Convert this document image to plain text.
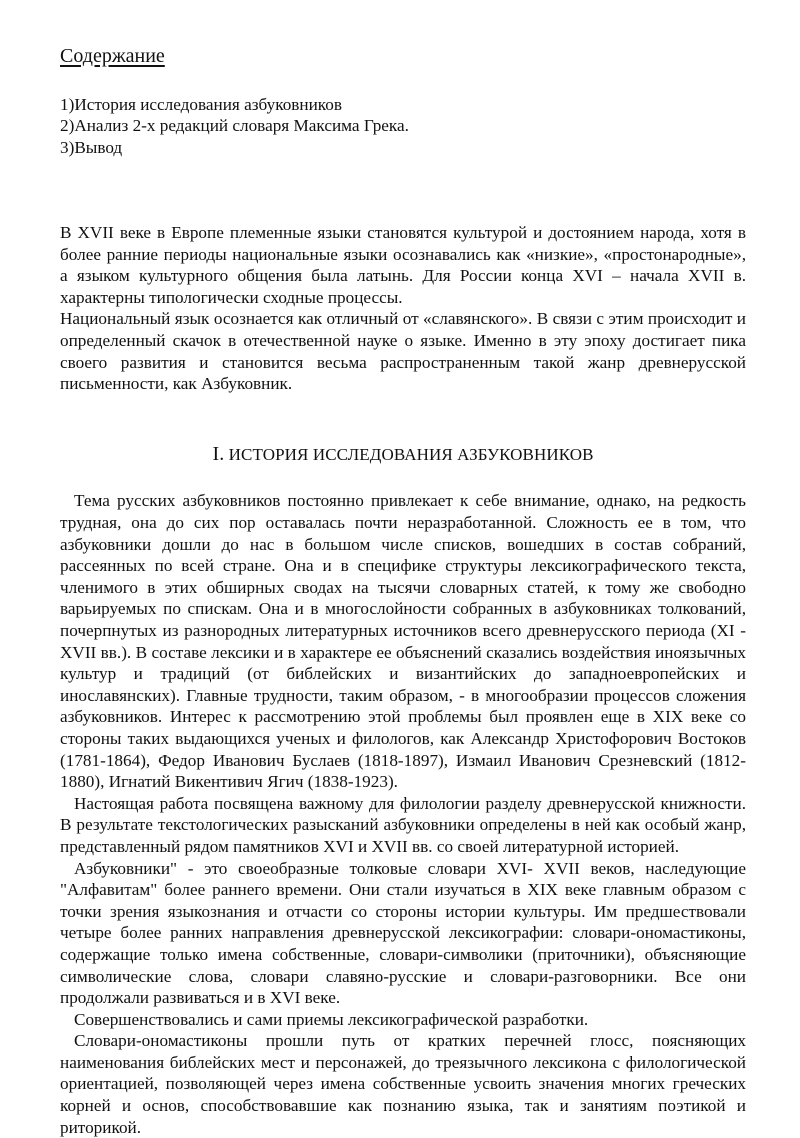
Содержание
1)История исследования азбуковников
2)Анализ 2-х редакций словаря Максима Грека.
3)Вывод

В XVII веке в Европе племенные языки становятся культурой и достоянием народа, хотя в более ранние периоды национальные языки осознавались как «низкие», «простонародные», а языком культурного общения была латынь. Для России конца XVI – начала XVII в. характерны типологически сходные процессы.

Национальный язык осознается как отличный от «славянского». В связи с этим происходит и определенный скачок в отечественной науке о языке. Именно в эту эпоху достигает пика своего развития и становится весьма распространенным такой жанр древнерусской письменности, как Азбуковник.

I. ИСТОРИЯ ИССЛЕДОВАНИЯ АЗБУКОВНИКОВ

Тема русских азбуковников постоянно привлекает к себе внимание, однако, на редкость трудная, она до сих пор оставалась почти неразработанной. Сложность ее в том, что азбуковники дошли до нас в большом числе списков, вошедших в состав собраний, рассеянных по всей стране. Она и в специфике структуры лексикографического текста, членимого в этих обширных сводах на тысячи словарных статей, к тому же свободно варьируемых по спискам. Она и в многослойности собранных в азбуковниках толкований, почерпнутых из разнородных литературных источников всего древнерусского периода (XI - XVII вв.). В составе лексики и в характере ее объяснений сказались воздействия иноязычных культур и традиций (от библейских и византийских до западноевропейских и инославянских). Главные трудности, таким образом, - в многообразии процессов сложения азбуковников. Интерес к рассмотрению этой проблемы был проявлен еще в XIX веке со стороны таких выдающихся ученых и филологов, как Александр Христофорович Востоков (1781-1864), Федор Иванович Буслаев (1818-1897), Измаил Иванович Срезневский (1812-1880), Игнатий Викентивич Ягич (1838-1923).

Настоящая работа посвящена важному для филологии разделу древнерусской книжности. В результате текстологических разысканий азбуковники определены в ней как особый жанр, представленный рядом памятников XVI и XVII вв. со своей литературной историей.

Азбуковники" - это своеобразные толковые словари XVI- XVII веков, наследующие "Алфавитам" более раннего времени. Они стали изучаться в XIX веке главным образом с точки зрения языкознания и отчасти со стороны истории культуры. Им предшествовали четыре более ранних направления древнерусской лексикографии: словари-ономастиконы, содержащие только имена собственные, словари-символики (приточники), объясняющие символические слова, словари славяно-русские и словари-разговорники. Все они продолжали развиваться и в XVI веке.

Совершенствовались и сами приемы лексикографической разработки.

Словари-ономастиконы прошли путь от кратких перечней глосс, поясняющих наименования библейских мест и персонажей, до треязычного лексикона с филологической ориентацией, позволяющей через имена собственные усвоить значения многих греческих корней и основ, способствовавшие как познанию языка, так и занятиям поэтикой и риторикой.
